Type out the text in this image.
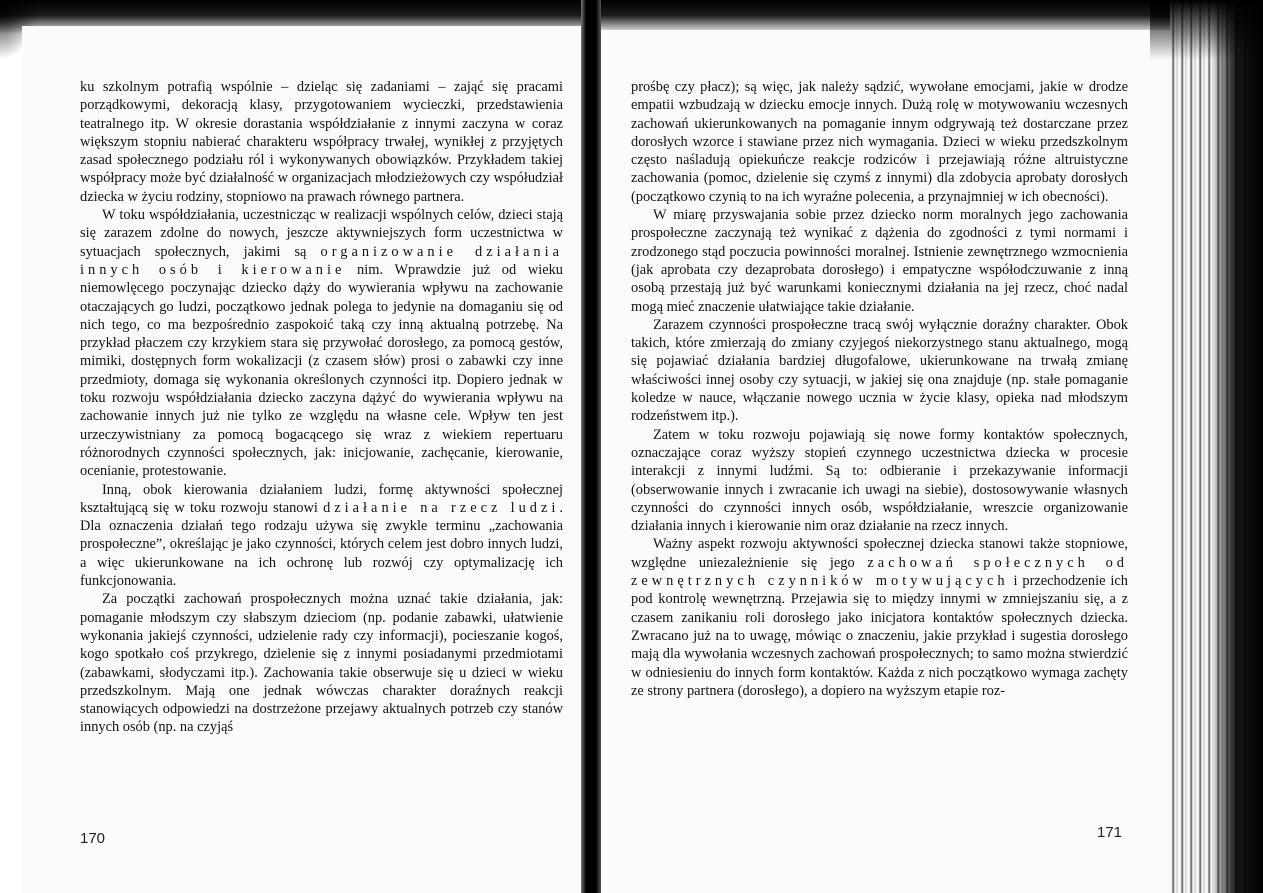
ku szkolnym potrafią wspólnie – dzieląc się zadaniami – zająć się pracami porządkowymi, dekoracją klasy, przygotowaniem wycieczki, przedstawienia teatralnego itp. W okresie dorastania współdziałanie z innymi zaczyna w coraz większym stopniu nabierać charakteru współpracy trwałej, wynikłej z przyjętych zasad społecznego podziału ról i wykonywanych obowiązków. Przykładem takiej współpracy może być działalność w organizacjach młodzieżowych czy współudział dziecka w życiu rodziny, stopniowo na prawach równego partnera.

W toku współdziałania, uczestnicząc w realizacji wspólnych celów, dzieci stają się zarazem zdolne do nowych, jeszcze aktywniejszych form uczestnictwa w sytuacjach społecznych, jakimi są organizowanie działania innych osób i kierowanie nim. Wprawdzie już od wieku niemowlęcego poczynając dziecko dąży do wywierania wpływu na zachowanie otaczających go ludzi, początkowo jednak polega to jedynie na domaganiu się od nich tego, co ma bezpośrednio zaspokoić taką czy inną aktualną potrzebę. Na przykład płaczem czy krzykiem stara się przywołać dorosłego, za pomocą gestów, mimiki, dostępnych form wokalizacji (z czasem słów) prosi o zabawki czy inne przedmioty, domaga się wykonania określonych czynności itp. Dopiero jednak w toku rozwoju współdziałania dziecko zaczyna dążyć do wywierania wpływu na zachowanie innych już nie tylko ze względu na własne cele. Wpływ ten jest urzeczywistniany za pomocą bogacącego się wraz z wiekiem repertuaru różnorodnych czynności społecznych, jak: inicjowanie, zachęcanie, kierowanie, ocenianie, protestowanie.

Inną, obok kierowania działaniem ludzi, formę aktywności społecznej kształtującą się w toku rozwoju stanowi działanie na rzecz ludzi. Dla oznaczenia działań tego rodzaju używa się zwykle terminu „zachowania prospołeczne”, określając je jako czynności, których celem jest dobro innych ludzi, a więc ukierunkowane na ich ochronę lub rozwój czy optymalizację ich funkcjonowania.

Za początki zachowań prospołecznych można uznać takie działania, jak: pomaganie młodszym czy słabszym dzieciom (np. podanie zabawki, ułatwienie wykonania jakiejś czynności, udzielenie rady czy informacji), pocieszanie kogoś, kogo spotkało coś przykrego, dzielenie się z innymi posiadanymi przedmiotami (zabawkami, słodyczami itp.). Zachowania takie obserwuje się u dzieci w wieku przedszkolnym. Mają one jednak wówczas charakter doraźnych reakcji stanowiących odpowiedzi na dostrzeżone przejawy aktualnych potrzeb czy stanów innych osób (np. na czyjąś

170

prośbę czy płacz); są więc, jak należy sądzić, wywołane emocjami, jakie w drodze empatii wzbudzają w dziecku emocje innych. Dużą rolę w motywowaniu wczesnych zachowań ukierunkowanych na pomaganie innym odgrywają też dostarczane przez dorosłych wzorce i stawiane przez nich wymagania. Dzieci w wieku przedszkolnym często naśladują opiekuńcze reakcje rodziców i przejawiają różne altruistyczne zachowania (pomoc, dzielenie się czymś z innymi) dla zdobycia aprobaty dorosłych (początkowo czynią to na ich wyraźne polecenia, a przynajmniej w ich obecności).

W miarę przyswajania sobie przez dziecko norm moralnych jego zachowania prospołeczne zaczynają też wynikać z dążenia do zgodności z tymi normami i zrodzonego stąd poczucia powinności moralnej. Istnienie zewnętrznego wzmocnienia (jak aprobata czy dezaprobata dorosłego) i empatyczne współodczuwanie z inną osobą przestają już być warunkami koniecznymi działania na jej rzecz, choć nadal mogą mieć znaczenie ułatwiające takie działanie.

Zarazem czynności prospołeczne tracą swój wyłącznie doraźny charakter. Obok takich, które zmierzają do zmiany czyjegoś niekorzystnego stanu aktualnego, mogą się pojawiać działania bardziej długofalowe, ukierunkowane na trwałą zmianę właściwości innej osoby czy sytuacji, w jakiej się ona znajduje (np. stałe pomaganie koledze w nauce, włączanie nowego ucznia w życie klasy, opieka nad młodszym rodzeństwem itp.).

Zatem w toku rozwoju pojawiają się nowe formy kontaktów społecznych, oznaczające coraz wyższy stopień czynnego uczestnictwa dziecka w procesie interakcji z innymi ludźmi. Są to: odbieranie i przekazywanie informacji (obserwowanie innych i zwracanie ich uwagi na siebie), dostosowywanie własnych czynności do czynności innych osób, współdziałanie, wreszcie organizowanie działania innych i kierowanie nim oraz działanie na rzecz innych.

Ważny aspekt rozwoju aktywności społecznej dziecka stanowi także stopniowe, względne uniezależnienie się jego zachowań społecznych od zewnętrznych czynników motywujących i przechodzenie ich pod kontrolę wewnętrzną. Przejawia się to między innymi w zmniejszaniu się, a z czasem zanikaniu roli dorosłego jako inicjatora kontaktów społecznych dziecka. Zwracano już na to uwagę, mówiąc o znaczeniu, jakie przykład i sugestia dorosłego mają dla wywołania wczesnych zachowań prospołecznych; to samo można stwierdzić w odniesieniu do innych form kontaktów. Każda z nich początkowo wymaga zachęty ze strony partnera (dorosłego), a dopiero na wyższym etapie roz-

171
